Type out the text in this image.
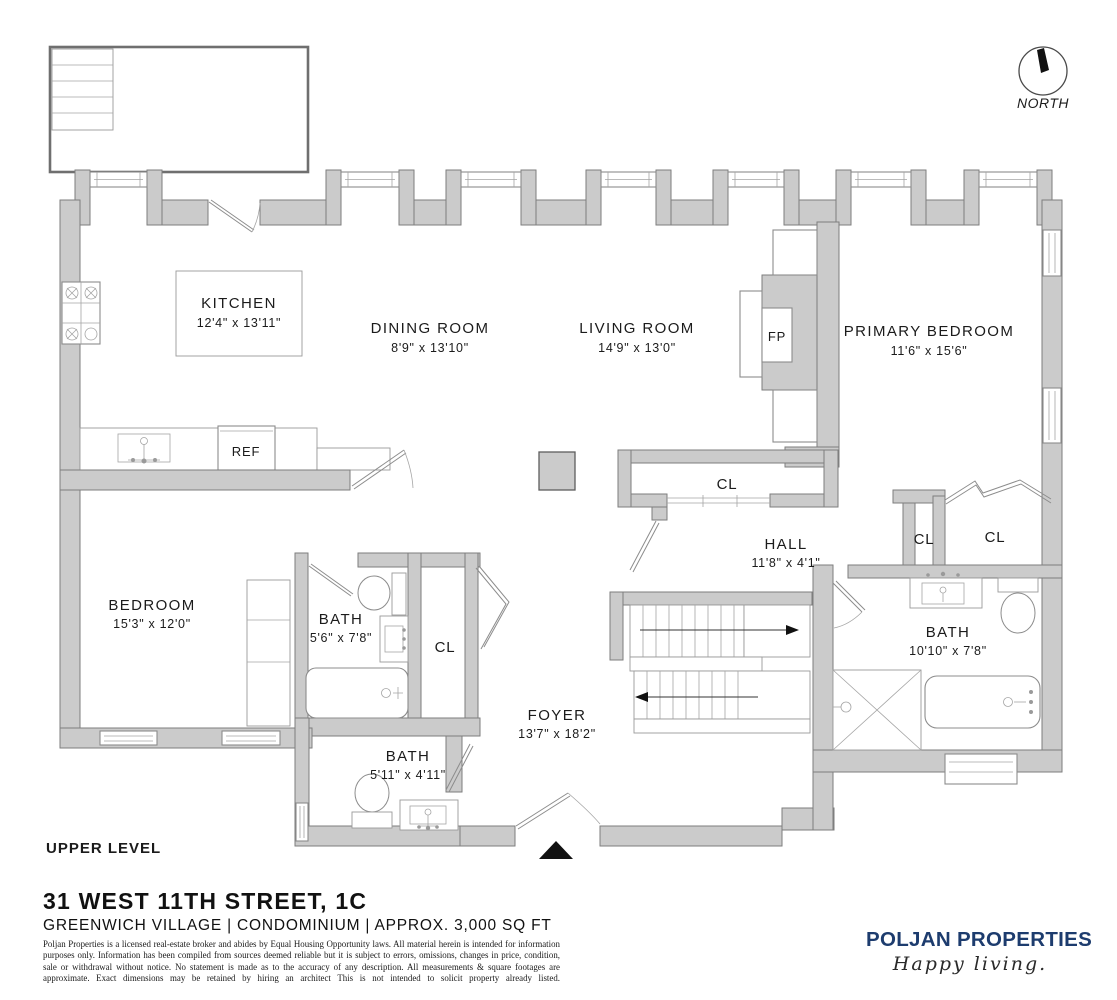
KITCHEN
12'4" x 13'11"	DINING ROOM
8'9" x 13'10"
LIVING ROOM
14'9" x 13'0"
PRIMARY BEDROOM
11'6" x 15'6"
FP
REF
CL
HALL
11'8" x 4'1"
CL	CL
BATH
10'10" x 7'8"
BEDROOM
15'3" x 12'0"	BATH
5'6" x 7'8"
CL
FOYER
13'7" x 18'2"
BATH
5'11" x 4'11"
NORTH
UPPER LEVEL
31 WEST 11TH STREET, 1C
GREENWICH VILLAGE | CONDOMINIUM | APPROX. 3,000 SQ FT
Poljan Properties is a licensed real-estate broker and abides by Equal Housing Opportunity laws. All material herein is intended for information purposes only. Information has been compiled from sources deemed reliable but it is subject to errors, omissions, changes in price, condition, sale or withdrawal without notice. No statement is made as to the accuracy of any description. All measurements & square footages are approximate. Exact dimensions may be retained by hiring an architect This is not intended to solicit property already listed.
POLJAN PROPERTIES
Happy living.
